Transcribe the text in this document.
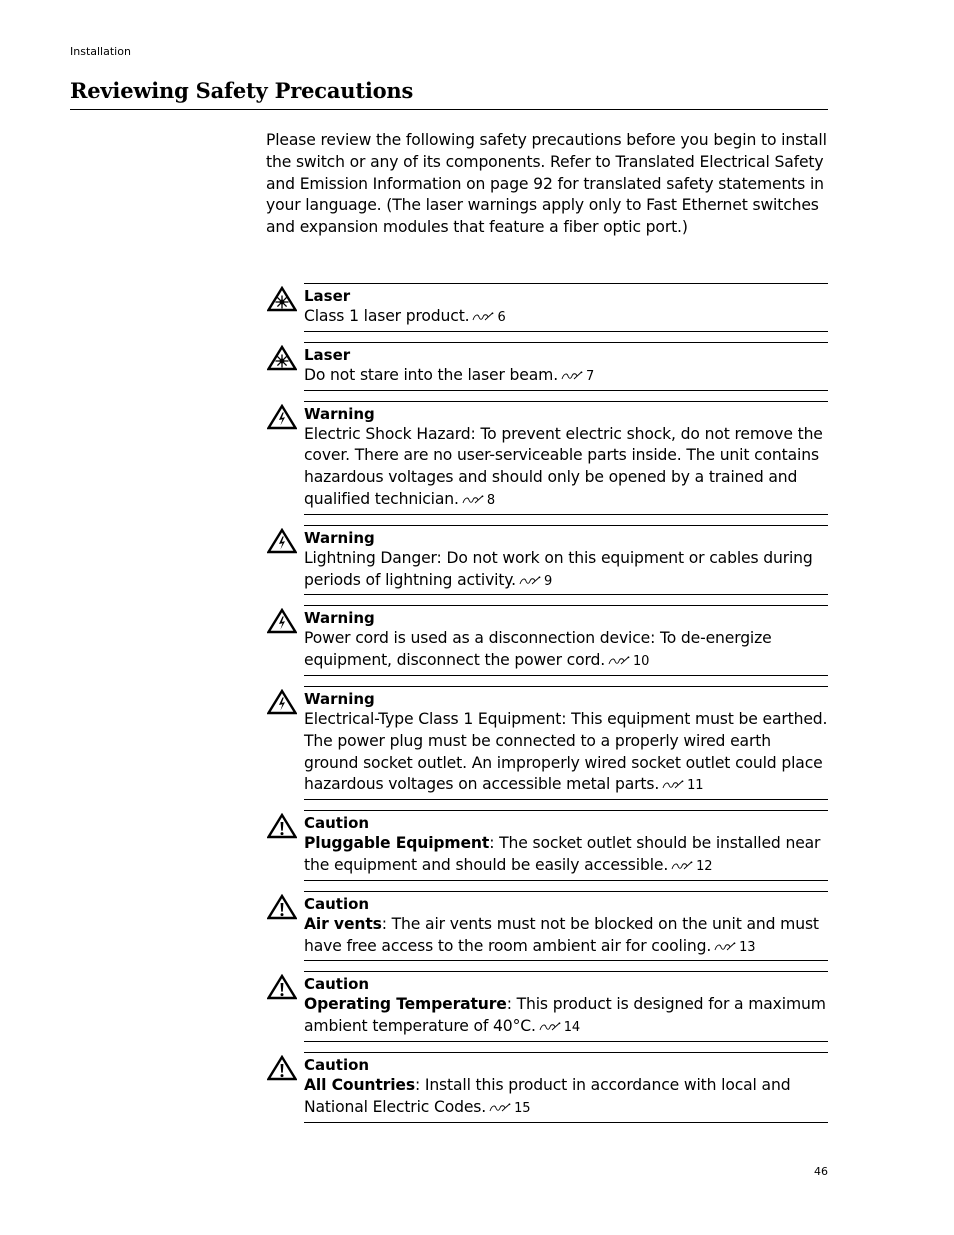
Installation
Reviewing Safety Precautions

Please review the following safety precautions before you begin to install the switch or any of its components. Refer to Translated Electrical Safety and Emission Information on page 92 for translated safety statements in your language. (The laser warnings apply only to Fast Ethernet switches and expansion modules that feature a fiber optic port.)

Laser
Class 1 laser product. 6
Laser
Do not stare into the laser beam. 7
Warning
Electric Shock Hazard: To prevent electric shock, do not remove the cover. There are no user-serviceable parts inside. The unit contains hazardous voltages and should only be opened by a trained and qualified technician. 8
Warning
Lightning Danger: Do not work on this equipment or cables during periods of lightning activity. 9
Warning
Power cord is used as a disconnection device: To de-energize equipment, disconnect the power cord. 10
Warning
Electrical-Type Class 1 Equipment: This equipment must be earthed. The power plug must be connected to a properly wired earth ground socket outlet. An improperly wired socket outlet could place hazardous voltages on accessible metal parts. 11
Caution
Pluggable Equipment: The socket outlet should be installed near the equipment and should be easily accessible. 12
Caution
Air vents: The air vents must not be blocked on the unit and must have free access to the room ambient air for cooling. 13
Caution
Operating Temperature: This product is designed for a maximum ambient temperature of 40°C. 14
Caution
All Countries: Install this product in accordance with local and National Electric Codes. 15
46
